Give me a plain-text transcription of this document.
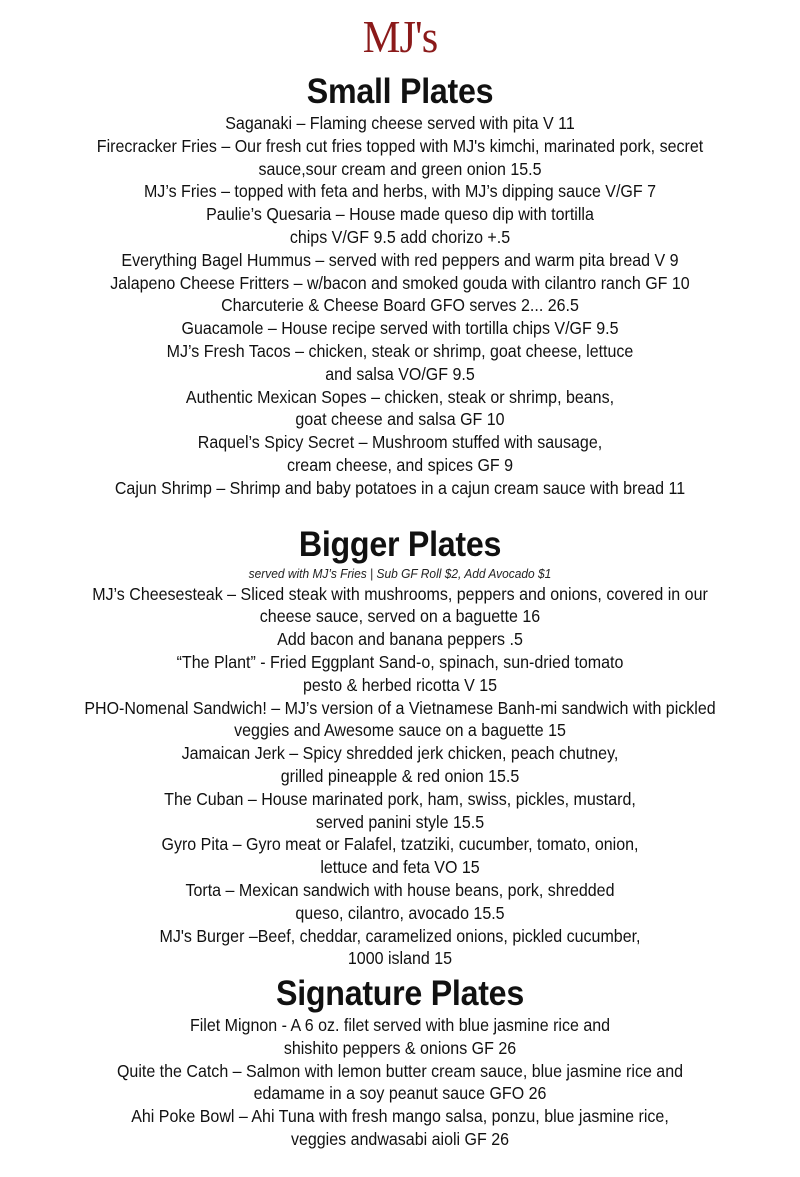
MJ's
Small Plates
Saganaki – Flaming cheese served with pita V 11
Firecracker Fries – Our fresh cut fries topped with MJ's kimchi, marinated pork, secret
sauce,sour cream and green onion 15.5
MJ’s Fries – topped with feta and herbs, with MJ’s dipping sauce V/GF 7
Paulie’s Quesaria – House made queso dip with tortilla
chips V/GF 9.5 add chorizo +.5
Everything Bagel Hummus – served with red peppers and warm pita bread V 9
Jalapeno Cheese Fritters – w/bacon and smoked gouda with cilantro ranch GF 10
Charcuterie & Cheese Board GFO serves 2... 26.5
Guacamole – House recipe served with tortilla chips V/GF 9.5
MJ’s Fresh Tacos – chicken, steak or shrimp, goat cheese, lettuce
and salsa VO/GF 9.5
Authentic Mexican Sopes – chicken, steak or shrimp, beans,
goat cheese and salsa GF 10
Raquel’s Spicy Secret – Mushroom stuffed with sausage,
cream cheese, and spices GF 9
Cajun Shrimp – Shrimp and baby potatoes in a cajun cream sauce with bread 11
Bigger Plates
served with MJ’s Fries | Sub GF Roll $2, Add Avocado $1
MJ’s Cheesesteak – Sliced steak with mushrooms, peppers and onions, covered in our
cheese sauce, served on a baguette 16
Add bacon and banana peppers .5
“The Plant” - Fried Eggplant Sand-o, spinach, sun-dried tomato
pesto & herbed ricotta V 15
PHO-Nomenal Sandwich! – MJ’s version of a Vietnamese Banh-mi sandwich with pickled
veggies and Awesome sauce on a baguette 15
Jamaican Jerk – Spicy shredded jerk chicken, peach chutney,
grilled pineapple & red onion 15.5
The Cuban – House marinated pork, ham, swiss, pickles, mustard,
served panini style 15.5
Gyro Pita – Gyro meat or Falafel, tzatziki, cucumber, tomato, onion,
lettuce and feta VO 15
Torta – Mexican sandwich with house beans, pork, shredded
queso, cilantro, avocado 15.5
MJ's Burger –Beef, cheddar, caramelized onions, pickled cucumber,
1000 island 15
Signature Plates
Filet Mignon - A 6 oz. filet served with blue jasmine rice and
shishito peppers & onions GF 26
Quite the Catch – Salmon with lemon butter cream sauce, blue jasmine rice and
edamame in a soy peanut sauce GFO 26
Ahi Poke Bowl – Ahi Tuna with fresh mango salsa, ponzu, blue jasmine rice,
veggies andwasabi aioli GF 26
